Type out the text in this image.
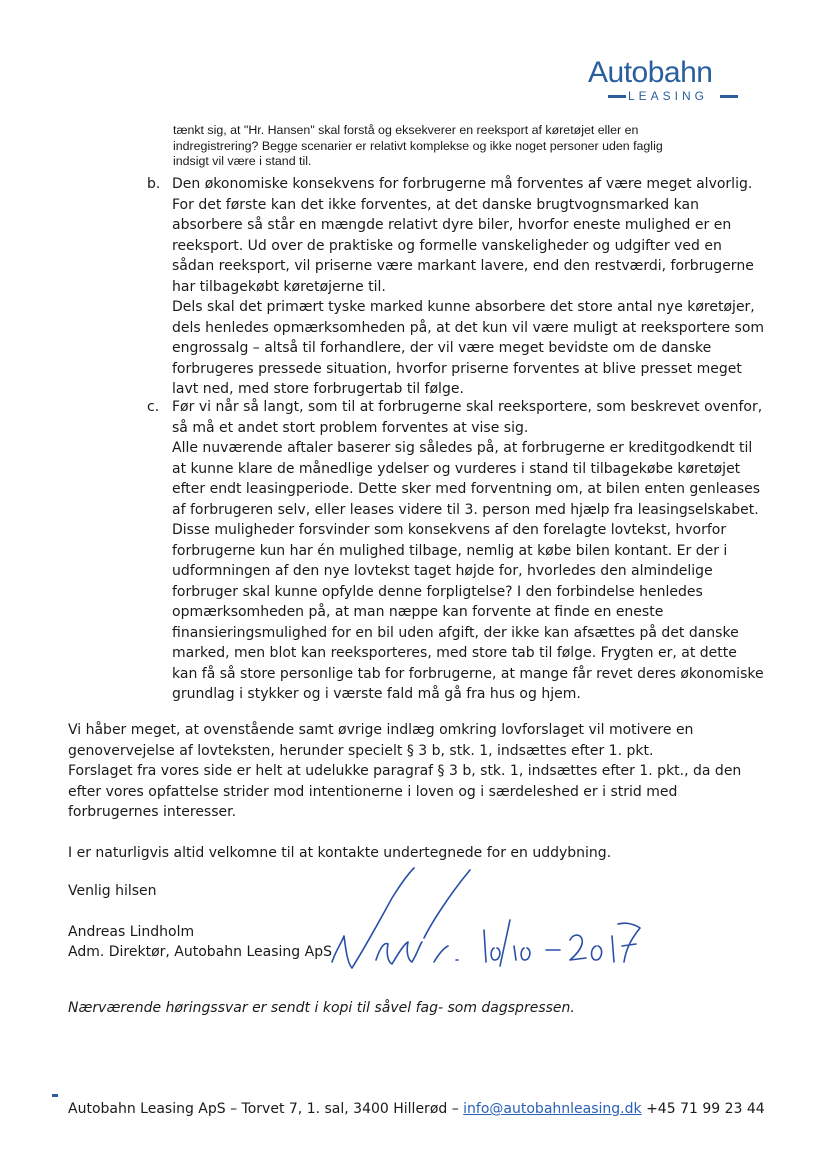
Autobahn
LEASING
tænkt sig, at "Hr. Hansen" skal forstå og eksekverer en reeksport af køretøjet eller en
indregistrering? Begge scenarier er relativt komplekse og ikke noget personer uden faglig
indsigt vil være i stand til.
b. Den økonomiske konsekvens for forbrugerne må forventes af være meget alvorlig.
For det første kan det ikke forventes, at det danske brugtvognsmarked kan
absorbere så står en mængde relativt dyre biler, hvorfor eneste mulighed er en
reeksport. Ud over de praktiske og formelle vanskeligheder og udgifter ved en
sådan reeksport, vil priserne være markant lavere, end den restværdi, forbrugerne
har tilbagekøbt køretøjerne til.
Dels skal det primært tyske marked kunne absorbere det store antal nye køretøjer,
dels henledes opmærksomheden på, at det kun vil være muligt at reeksportere som
engrossalg – altså til forhandlere, der vil være meget bevidste om de danske
forbrugeres pressede situation, hvorfor priserne forventes at blive presset meget
lavt ned, med store forbrugertab til følge.
c. Før vi når så langt, som til at forbrugerne skal reeksportere, som beskrevet ovenfor,
så må et andet stort problem forventes at vise sig.
Alle nuværende aftaler baserer sig således på, at forbrugerne er kreditgodkendt til
at kunne klare de månedlige ydelser og vurderes i stand til tilbagekøbe køretøjet
efter endt leasingperiode. Dette sker med forventning om, at bilen enten genleases
af forbrugeren selv, eller leases videre til 3. person med hjælp fra leasingselskabet.
Disse muligheder forsvinder som konsekvens af den forelagte lovtekst, hvorfor
forbrugerne kun har én mulighed tilbage, nemlig at købe bilen kontant. Er der i
udformningen af den nye lovtekst taget højde for, hvorledes den almindelige
forbruger skal kunne opfylde denne forpligtelse? I den forbindelse henledes
opmærksomheden på, at man næppe kan forvente at finde en eneste
finansieringsmulighed for en bil uden afgift, der ikke kan afsættes på det danske
marked, men blot kan reeksporteres, med store tab til følge. Frygten er, at dette
kan få så store personlige tab for forbrugerne, at mange får revet deres økonomiske
grundlag i stykker og i værste fald må gå fra hus og hjem.
Vi håber meget, at ovenstående samt øvrige indlæg omkring lovforslaget vil motivere en
genovervejelse af lovteksten, herunder specielt § 3 b, stk. 1, indsættes efter 1. pkt.
Forslaget fra vores side er helt at udelukke paragraf § 3 b, stk. 1, indsættes efter 1. pkt., da den
efter vores opfattelse strider mod intentionerne i loven og i særdeleshed er i strid med
forbrugernes interesser.
I er naturligvis altid velkomne til at kontakte undertegnede for en uddybning.
Venlig hilsen
Andreas Lindholm
Adm. Direktør, Autobahn Leasing ApS
Nærværende høringssvar er sendt i kopi til såvel fag- som dagspressen.
Autobahn Leasing ApS – Torvet 7, 1. sal, 3400 Hillerød – info@autobahnleasing.dk +45 71 99 23 44
